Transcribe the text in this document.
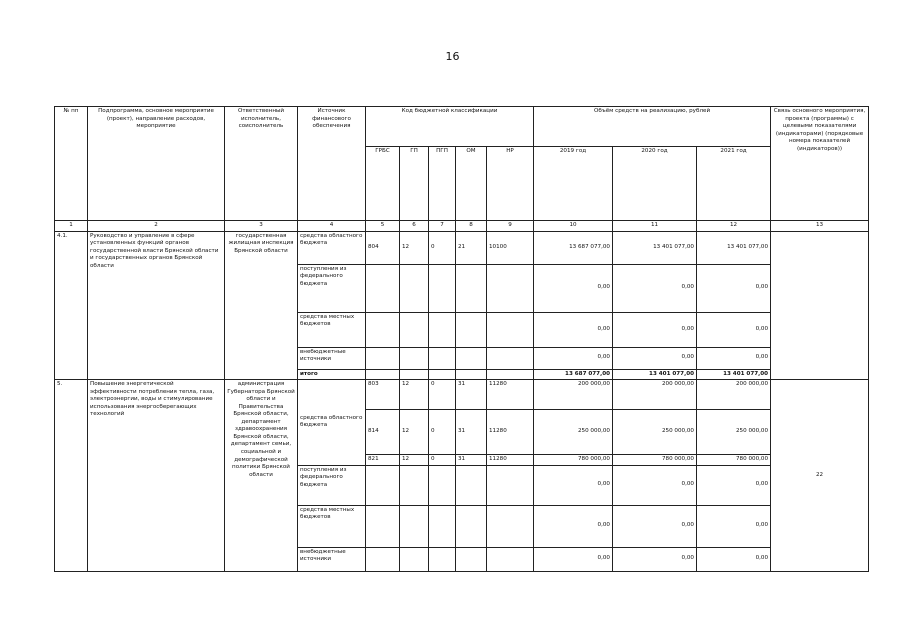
16
№ пп	Подпрограмма, основное мероприятие (проект), направление расходов, мероприятие	Ответственный исполнитель, соисполнитель	Источник финансового обеспечения	Код бюджетной классификации					Объём средств на реализацию, рублей			Связь основного мероприятия, проекта (программы) с целевыми показателями (индикаторами) (порядковые номера показателей (индикаторов))
				ГРБС	ГП	ПГП	ОМ	НР	2019 год	2020 год	2021 год	
1	2	3	4	5	6	7	8	9	10	11	12	13
4.1.	Руководство и управление в сфере установленных функций органов государственной власти Брянской области и государственных органов Брянской области	государственная жилищная инспекция Брянской области	средства областного бюджета	804	12	0	21	10100	13 687 077,00	13 401 077,00	13 401 077,00	
			поступления из федерального бюджета						0,00	0,00	0,00	
			средства местных бюджетов						0,00	0,00	0,00	
			внебюджетные источники						0,00	0,00	0,00	
			итого						13 687 077,00	13 401 077,00	13 401 077,00	
5.	Повышение энергетической эффективности потребления тепла, газа, электроэнергии, воды и стимулирование использования энергосберегающих технологий	администрация Губернатора Брянской области и Правительства Брянской области, департамент здравоохранения Брянской области, департамент семьи, социальной и демографической политики Брянской области	средства областного бюджета	803	12	0	31	11280	200 000,00	200 000,00	200 000,00	22
				814	12	0	31	11280	250 000,00	250 000,00	250 000,00	
				821	12	0	31	11280	780 000,00	780 000,00	780 000,00	
			поступления из федерального бюджета						0,00	0,00	0,00	
			средства местных бюджетов						0,00	0,00	0,00	
			внебюджетные источники						0,00	0,00	0,00	
